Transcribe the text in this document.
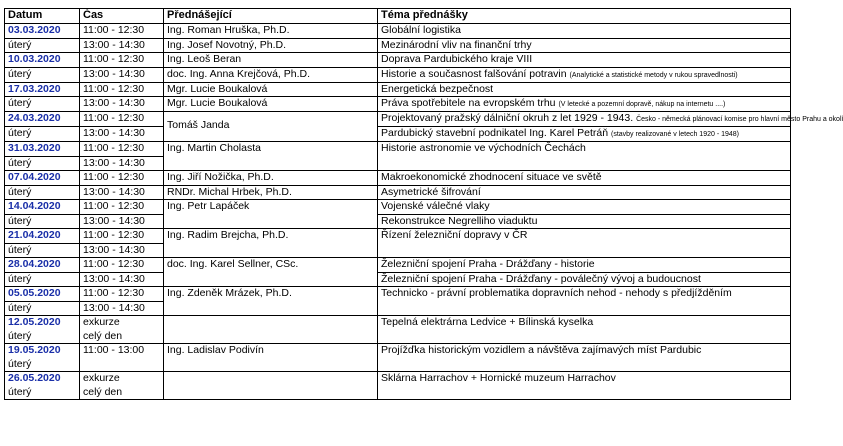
Datum	Čas	Přednášející	Téma přednášky
03.03.2020	11:00 - 12:30	Ing. Roman Hruška, Ph.D.	Globální logistika
úterý	13:00 - 14:30	Ing. Josef Novotný, Ph.D.	Mezinárodní vliv na finanční trhy
10.03.2020	11:00 - 12:30	Ing. Leoš Beran	Doprava Pardubického kraje VIII
úterý	13:00 - 14:30	doc. Ing. Anna Krejčová, Ph.D.	Historie a současnost falšování potravin (Analytické a statistické metody v rukou spravedlnosti)
17.03.2020	11:00 - 12:30	Mgr. Lucie Boukalová	Energetická bezpečnost
úterý	13:00 - 14:30	Mgr. Lucie Boukalová	Práva spotřebitele na evropském trhu (V letecké a pozemní dopravě, nákup na internetu ....)
24.03.2020	11:00 - 12:30	Tomáš Janda	Projektovaný pražský dálniční okruh z let 1929 - 1943. Česko - německá plánovací komise pro hlavní město Prahu a okolí
úterý	13:00 - 14:30		Pardubický stavební podnikatel Ing. Karel Petráň (stavby realizované v letech 1920 - 1948)
31.03.2020	11:00 - 12:30	Ing. Martin Cholasta	Historie astronomie ve východních Čechách
úterý	13:00 - 14:30		
07.04.2020	11:00 - 12:30	Ing. Jiří Nožička, Ph.D.	Makroekonomické zhodnocení situace ve světě
úterý	13:00 - 14:30	RNDr. Michal Hrbek, Ph.D.	Asymetrické šifrování
14.04.2020	11:00 - 12:30	Ing. Petr Lapáček	Vojenské válečné vlaky
úterý	13:00 - 14:30		Rekonstrukce Negrelliho viaduktu
21.04.2020	11:00 - 12:30	Ing. Radim Brejcha, Ph.D.	Řízení železniční dopravy v ČR
úterý	13:00 - 14:30		
28.04.2020	11:00 - 12:30	doc. Ing. Karel Sellner, CSc.	Železniční spojení Praha - Drážďany - historie
úterý	13:00 - 14:30		Železniční spojení Praha - Drážďany - poválečný vývoj a budoucnost
05.05.2020	11:00 - 12:30	Ing. Zdeněk Mrázek, Ph.D.	Technicko - právní problematika dopravních nehod - nehody s předjížděním
úterý	13:00 - 14:30		
12.05.2020	exkurze		Tepelná elektrárna Ledvice + Bílinská kyselka
úterý	celý den		
19.05.2020	11:00 - 13:00	Ing. Ladislav Podivín	Projížďka historickým vozidlem a návštěva zajímavých míst Pardubic
úterý			
26.05.2020	exkurze		Sklárna Harrachov + Hornické muzeum Harrachov
úterý	celý den		
